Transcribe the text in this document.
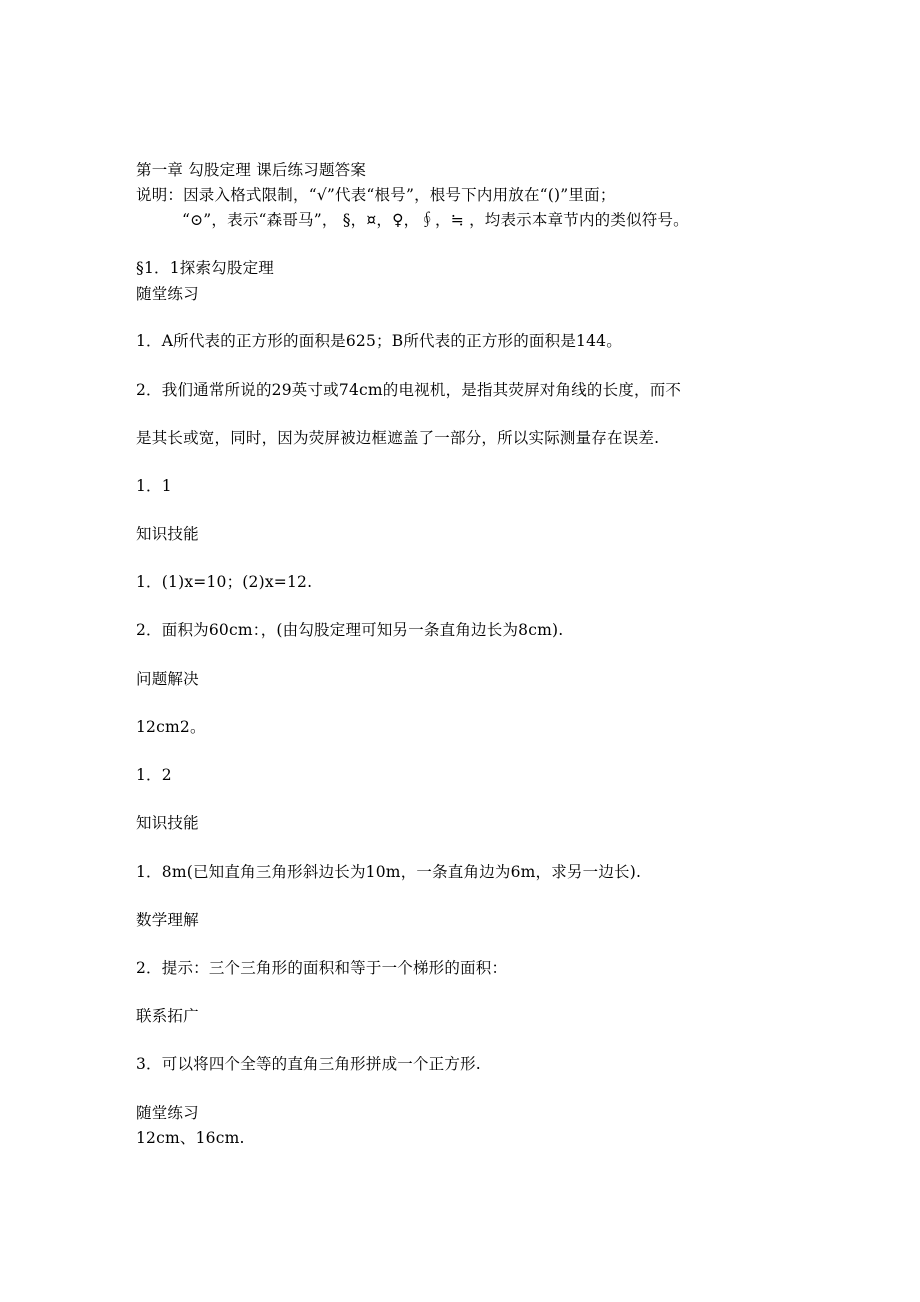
第一章 勾股定理 课后练习题答案
说明：因录入格式限制，“√”代表“根号”，根号下内用放在“()”里面；
“⊙”，表示“森哥马”， §，¤，♀，∮，≒ ，均表示本章节内的类似符号。
§1．1探索勾股定理
随堂练习
1．A所代表的正方形的面积是625；B所代表的正方形的面积是144。
2．我们通常所说的29英寸或74cm的电视机，是指其荧屏对角线的长度，而不
是其长或宽，同时，因为荧屏被边框遮盖了一部分，所以实际测量存在误差.
1．1
知识技能
1．(1)x=10；(2)x=12.
2．面积为60cm：，(由勾股定理可知另一条直角边长为8cm).
问题解决
12cm2。
1．2
知识技能
1．8m(已知直角三角形斜边长为10m，一条直角边为6m，求另一边长).
数学理解
2．提示：三个三角形的面积和等于一个梯形的面积：
联系拓广
3．可以将四个全等的直角三角形拼成一个正方形.
随堂练习
12cm、16cm.
